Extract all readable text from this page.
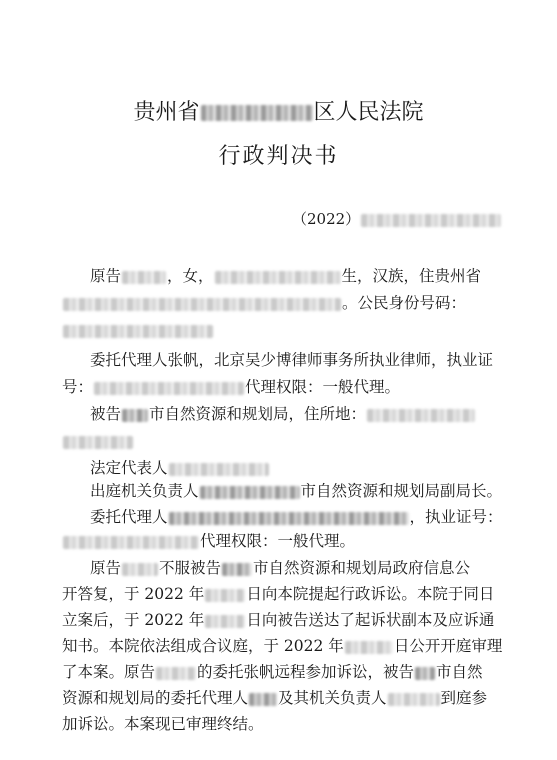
贵州省	区人民法院
行政判决书
（2022）
原告	，女，	生，汉族，住贵州省
。公民身份号码：
委托代理人张帆，北京吴少博律师事务所执业律师，执业证
号：	代理权限：一般代理。
被告 市自然资源和规划局，住所地：
法定代表人
出庭机关负责人	市自然资源和规划局副局长。
委托代理人	，执业证号：
代理权限：一般代理。
原告 不服被告 市自然资源和规划局政府信息公
开答复，于 2022 年	日向本院提起行政诉讼。本院于同日
立案后，于 2022 年	日向被告送达了起诉状副本及应诉通
知书。本院依法组成合议庭，于 2022 年	日公开开庭审理
了本案。原告	的委托张帆远程参加诉讼，被告 市自然
资源和规划局的委托代理人 及其机关负责人	到庭参
加诉讼。本案现已审理终结。
